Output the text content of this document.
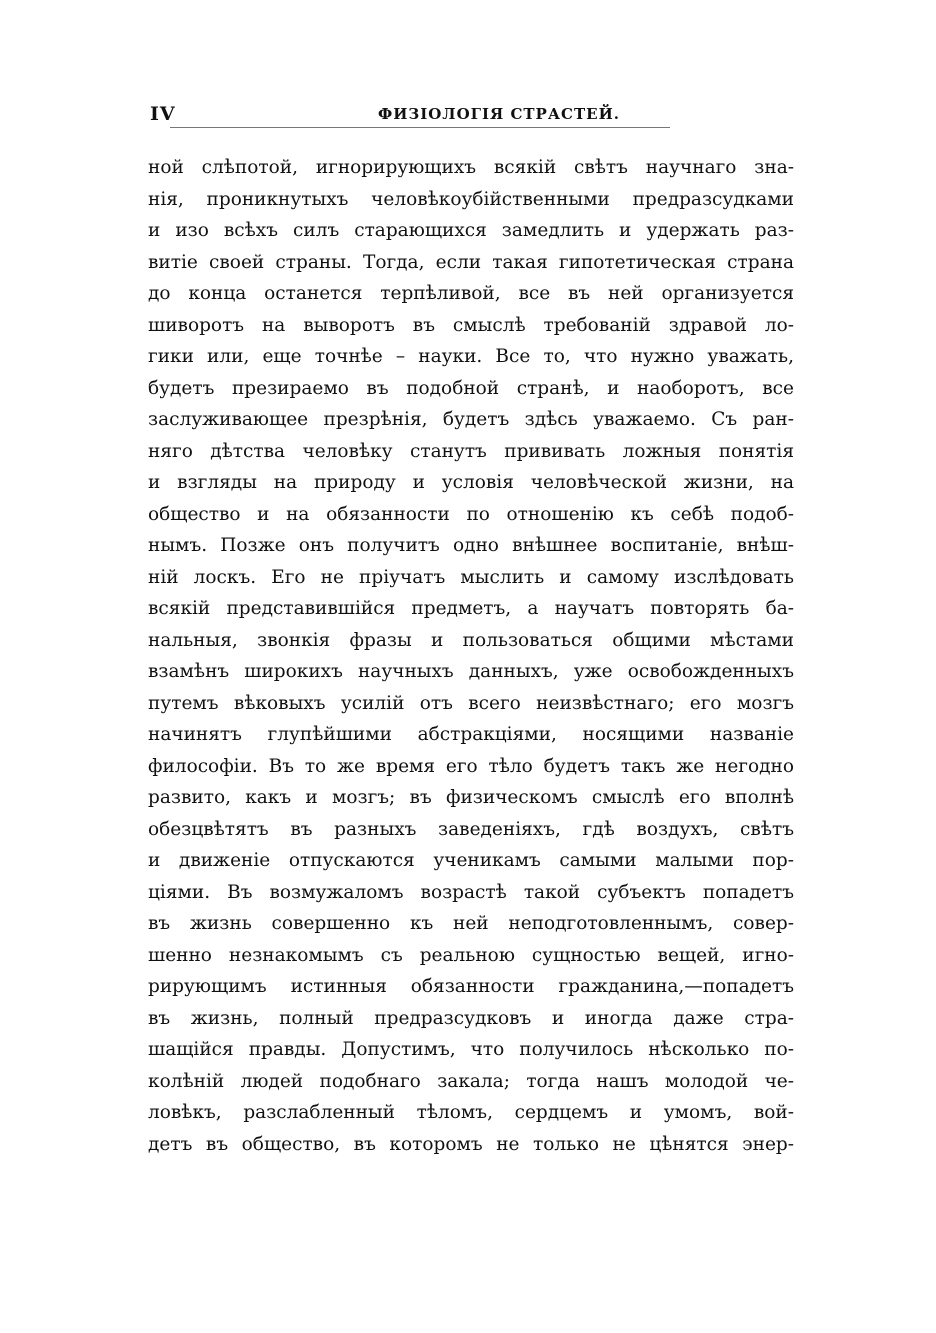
IV	ФИЗІОЛОГІЯ СТРАСТЕЙ.
ной слѣпотой, игнорирующихъ всякій свѣтъ научнаго зна-
нія, проникнутыхъ человѣкоубійственными предразсудками
и изо всѣхъ силъ старающихся замедлить и удержать раз-
витіе своей страны. Тогда, если такая гипотетическая страна
до конца останется терпѣливой, все въ ней организуется
шиворотъ на выворотъ въ смыслѣ требованій здравой ло-
гики или, еще точнѣе – науки. Все то, что нужно уважать,
будетъ презираемо въ подобной странѣ, и наоборотъ, все
заслуживающее презрѣнія, будетъ здѣсь уважаемо. Съ ран-
няго дѣтства человѣку станутъ прививать ложныя понятія
и взгляды на природу и условія человѣческой жизни, на
общество и на обязанности по отношенію къ себѣ подоб-
нымъ. Позже онъ получитъ одно внѣшнее воспитаніе, внѣш-
ній лоскъ. Его не пріучатъ мыслить и самому изслѣдовать
всякій представившійся предметъ, а научатъ повторять ба-
нальныя, звонкія фразы и пользоваться общими мѣстами
взамѣнъ широкихъ научныхъ данныхъ, уже освобожденныхъ
путемъ вѣковыхъ усилій отъ всего неизвѣстнаго; его мозгъ
начинятъ глупѣйшими абстракціями, носящими названіе
философіи. Въ то же время его тѣло будетъ такъ же негодно
развито, какъ и мозгъ; въ физическомъ смыслѣ его вполнѣ
обезцвѣтятъ въ разныхъ заведеніяхъ, гдѣ воздухъ, свѣтъ
и движеніе отпускаются ученикамъ самыми малыми пор-
ціями. Въ возмужаломъ возрастѣ такой субъектъ попадетъ
въ жизнь совершенно къ ней неподготовленнымъ, совер-
шенно незнакомымъ съ реальною сущностью вещей, игно-
рирующимъ истинныя обязанности гражданина,—попадетъ
въ жизнь, полный предразсудковъ и иногда даже стра-
шащійся правды. Допустимъ, что получилось нѣсколько по-
колѣній людей подобнаго закала; тогда нашъ молодой че-
ловѣкъ, разслабленный тѣломъ, сердцемъ и умомъ, вой-
детъ въ общество, въ которомъ не только не цѣнятся энер-
